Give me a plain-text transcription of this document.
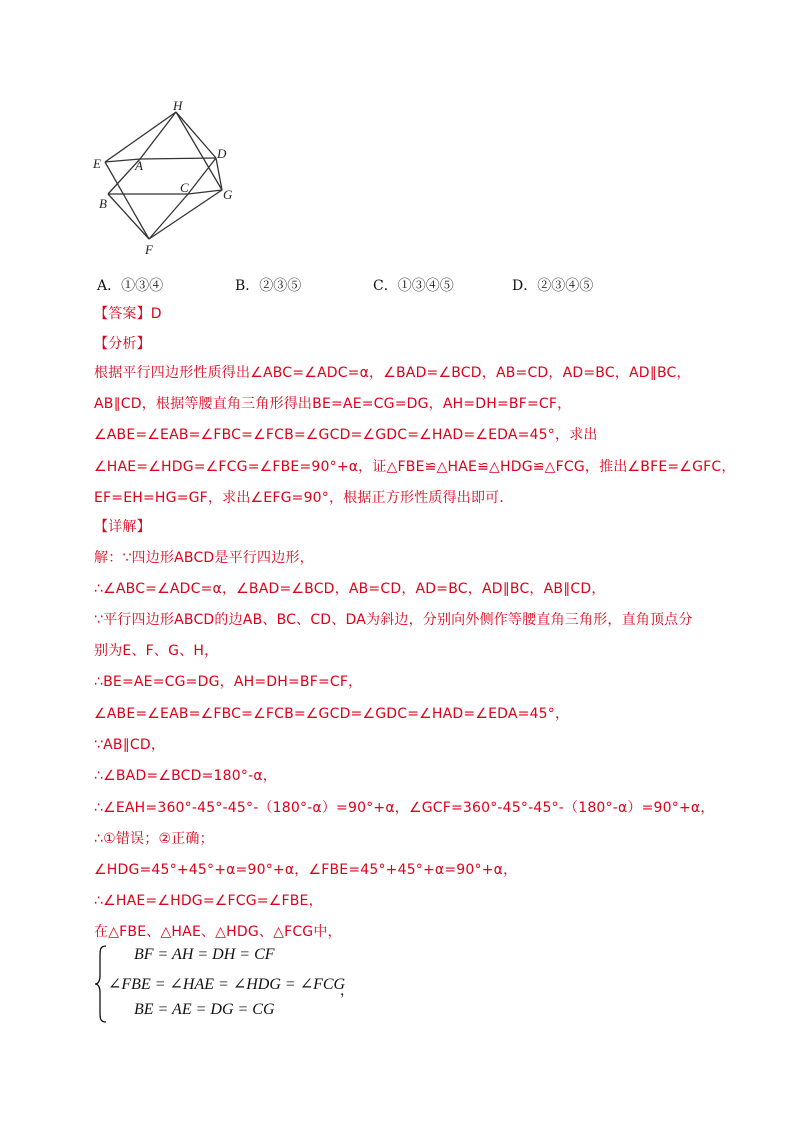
H
E	A
D
C	G
B
F
A．①③④	B．②③⑤	C．①③④⑤	D．②③④⑤
【答案】D
【分析】
根据平行四边形性质得出∠ABC=∠ADC=α，∠BAD=∠BCD，AB=CD，AD=BC，AD∥BC，
AB∥CD，根据等腰直角三角形得出BE=AE=CG=DG，AH=DH=BF=CF，
∠ABE=∠EAB=∠FBC=∠FCB=∠GCD=∠GDC=∠HAD=∠EDA=45°，求出
∠HAE=∠HDG=∠FCG=∠FBE=90°+α，证△FBE≌△HAE≌△HDG≌△FCG，推出∠BFE=∠GFC，
EF=EH=HG=GF，求出∠EFG=90°，根据正方形性质得出即可．
【详解】
解：∵四边形ABCD是平行四边形，
∴∠ABC=∠ADC=α，∠BAD=∠BCD，AB=CD，AD=BC，AD∥BC，AB∥CD，
∵平行四边形ABCD的边AB、BC、CD、DA为斜边，分别向外侧作等腰直角三角形，直角顶点分
别为E、F、G、H，
∴BE=AE=CG=DG，AH=DH=BF=CF，
∠ABE=∠EAB=∠FBC=∠FCB=∠GCD=∠GDC=∠HAD=∠EDA=45°，
∵AB∥CD，
∴∠BAD=∠BCD=180°-α，
∴∠EAH=360°-45°-45°-（180°-α）=90°+α，∠GCF=360°-45°-45°-（180°-α）=90°+α，
∴①错误；②正确；
∠HDG=45°+45°+α=90°+α，∠FBE=45°+45°+α=90°+α，
∴∠HAE=∠HDG=∠FCG=∠FBE，
在△FBE、△HAE、△HDG、△FCG中，
BF = AH = DH = CF
∠FBE = ∠HAE = ∠HDG = ∠FCG
BE = AE = DG = CG
，
